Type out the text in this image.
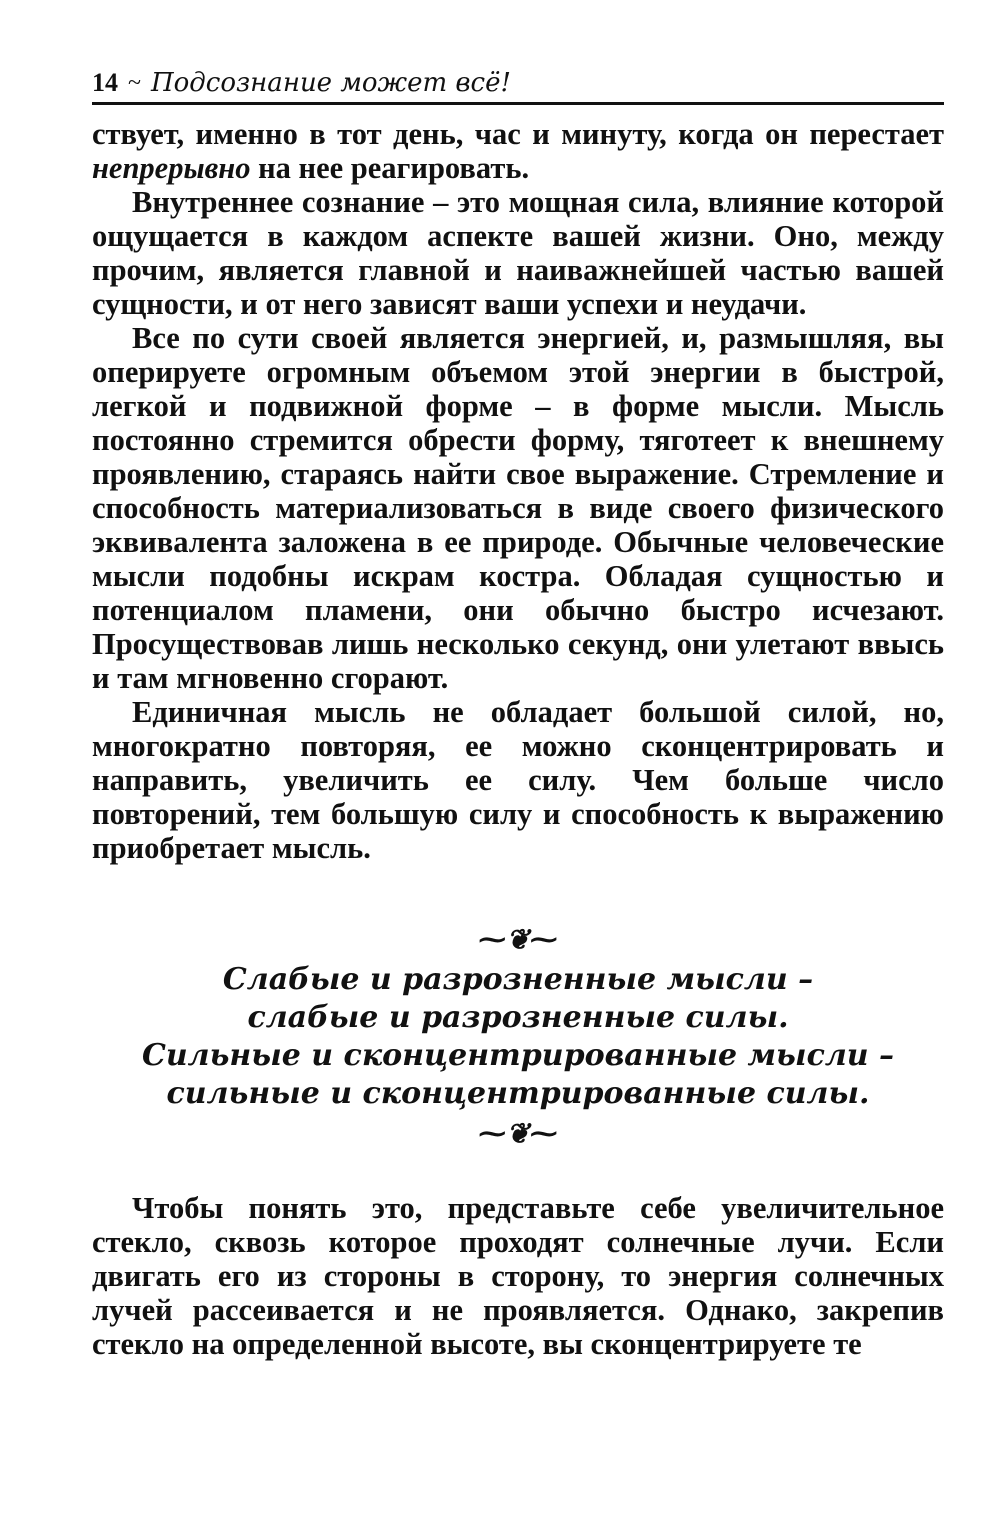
14 ~ Подсознание может всё!

ствует, именно в тот день, час и минуту, когда он перестает непрерывно на нее реагировать.

Внутреннее сознание – это мощная сила, влияние которой ощущается в каждом аспекте вашей жизни. Оно, между прочим, является главной и наиважнейшей частью вашей сущности, и от него зависят ваши успехи и неудачи.

Все по сути своей является энергией, и, размышляя, вы оперируете огромным объемом этой энергии в быстрой, легкой и подвижной форме – в форме мысли. Мысль постоянно стремится обрести форму, тяготеет к внешнему проявлению, стараясь найти свое выражение. Стремление и способность материализоваться в виде своего физического эквивалента заложена в ее природе. Обычные человеческие мысли подобны искрам костра. Обладая сущностью и потенциалом пламени, они обычно быстро исчезают. Просуществовав лишь несколько секунд, они улетают ввысь и там мгновенно сгорают.

Единичная мысль не обладает большой силой, но, многократно повторяя, ее можно сконцентрировать и направить, увеличить ее силу. Чем больше число повторений, тем большую силу и способность к выражению приобретает мысль.

⁓❦⁓
Слабые и разрозненные мысли –
слабые и разрозненные силы.
Сильные и сконцентрированные мысли –
сильные и сконцентрированные силы.
⁓❦⁓

Чтобы понять это, представьте себе увеличительное стекло, сквозь которое проходят солнечные лучи. Если двигать его из стороны в сторону, то энергия солнечных лучей рассеивается и не проявляется. Однако, закрепив стекло на определенной высоте, вы сконцентрируете те
